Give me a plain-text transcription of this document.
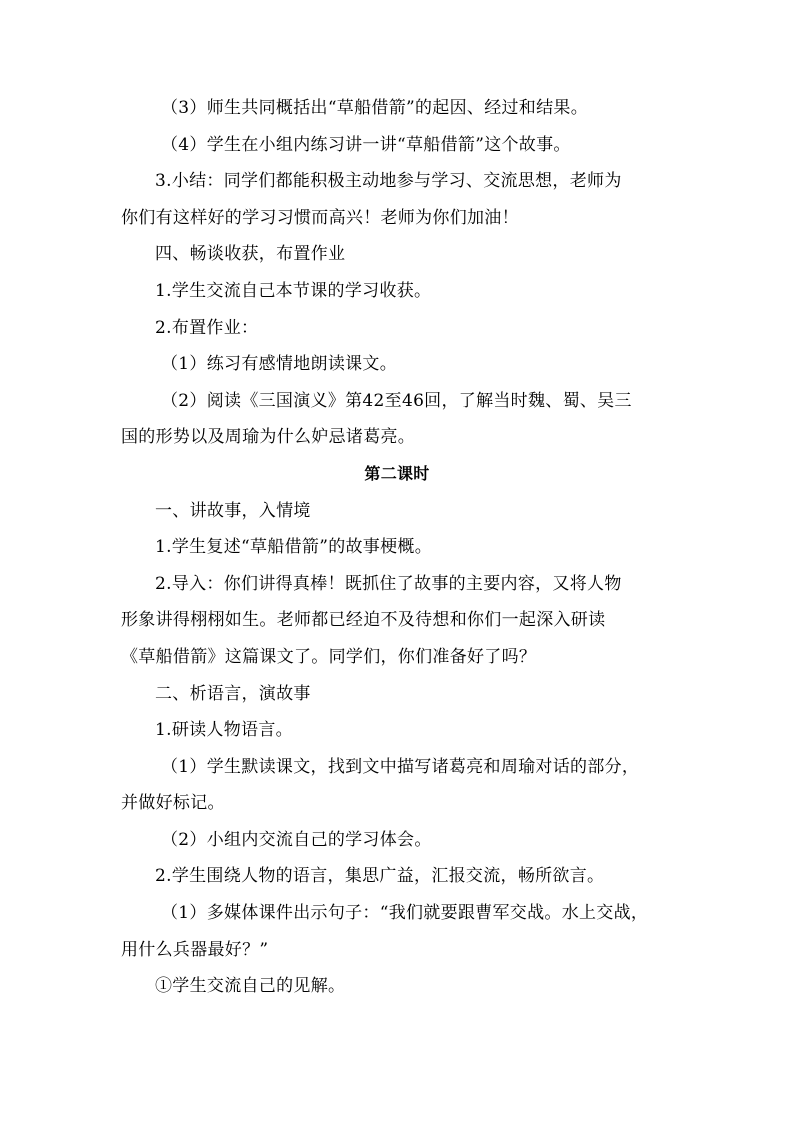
（3）师生共同概括出“草船借箭”的起因、经过和结果。
（4）学生在小组内练习讲一讲“草船借箭”这个故事。
3.小结：同学们都能积极主动地参与学习、交流思想，老师为
你们有这样好的学习习惯而高兴！老师为你们加油！
四、畅谈收获，布置作业
1.学生交流自己本节课的学习收获。
2.布置作业：
（1）练习有感情地朗读课文。
（2）阅读《三国演义》第42至46回，了解当时魏、蜀、吴三
国的形势以及周瑜为什么妒忌诸葛亮。
第二课时
一、讲故事，入情境
1.学生复述“草船借箭”的故事梗概。
2.导入：你们讲得真棒！既抓住了故事的主要内容，又将人物
形象讲得栩栩如生。老师都已经迫不及待想和你们一起深入研读
《草船借箭》这篇课文了。同学们，你们准备好了吗？
二、析语言，演故事
1.研读人物语言。
（1）学生默读课文，找到文中描写诸葛亮和周瑜对话的部分，
并做好标记。
（2）小组内交流自己的学习体会。
2.学生围绕人物的语言，集思广益，汇报交流，畅所欲言。
（1）多媒体课件出示句子：“我们就要跟曹军交战。水上交战，
用什么兵器最好？”
①学生交流自己的见解。
